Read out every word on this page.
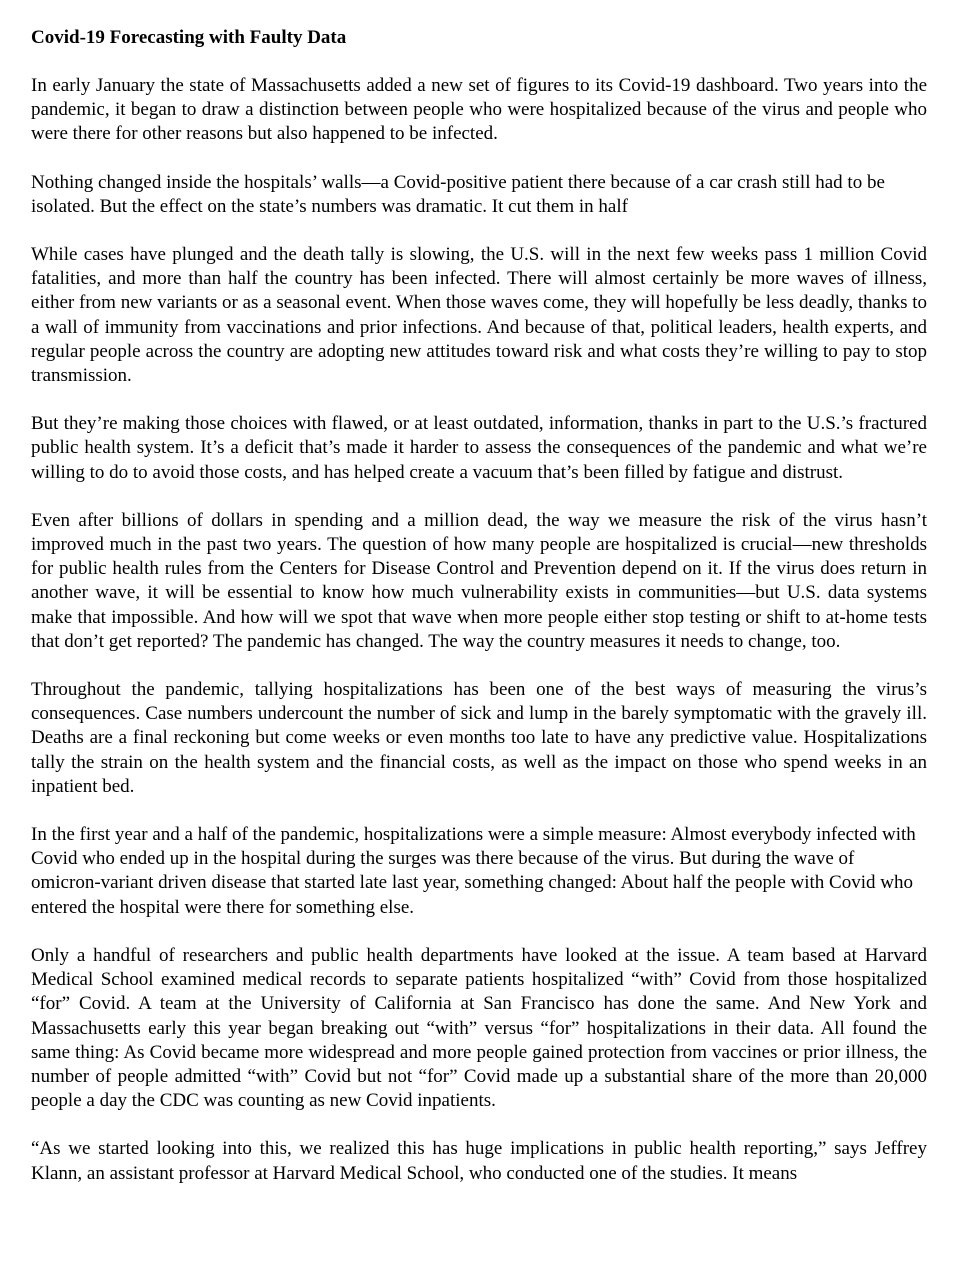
Covid-19 Forecasting with Faulty Data

In early January the state of Massachusetts added a new set of figures to its Covid-19 dashboard. Two years into the pandemic, it began to draw a distinction between people who were hospitalized because of the virus and people who were there for other reasons but also happened to be infected.

Nothing changed inside the hospitals’ walls—a Covid-positive patient there because of a car crash still had to be isolated. But the effect on the state’s numbers was dramatic. It cut them in half

While cases have plunged and the death tally is slowing, the U.S. will in the next few weeks pass 1 million Covid fatalities, and more than half the country has been infected. There will almost certainly be more waves of illness, either from new variants or as a seasonal event. When those waves come, they will hopefully be less deadly, thanks to a wall of immunity from vaccinations and prior infections. And because of that, political leaders, health experts, and regular people across the country are adopting new attitudes toward risk and what costs they’re willing to pay to stop transmission.

But they’re making those choices with flawed, or at least outdated, information, thanks in part to the U.S.’s fractured public health system. It’s a deficit that’s made it harder to assess the consequences of the pandemic and what we’re willing to do to avoid those costs, and has helped create a vacuum that’s been filled by fatigue and distrust.

Even after billions of dollars in spending and a million dead, the way we measure the risk of the virus hasn’t improved much in the past two years. The question of how many people are hospitalized is crucial—new thresholds for public health rules from the Centers for Disease Control and Prevention depend on it. If the virus does return in another wave, it will be essential to know how much vulnerability exists in communities—but U.S. data systems make that impossible. And how will we spot that wave when more people either stop testing or shift to at-home tests that don’t get reported? The pandemic has changed. The way the country measures it needs to change, too.

Throughout the pandemic, tallying hospitalizations has been one of the best ways of measuring the virus’s consequences. Case numbers undercount the number of sick and lump in the barely symptomatic with the gravely ill. Deaths are a final reckoning but come weeks or even months too late to have any predictive value. Hospitalizations tally the strain on the health system and the financial costs, as well as the impact on those who spend weeks in an inpatient bed.

In the first year and a half of the pandemic, hospitalizations were a simple measure: Almost everybody infected with Covid who ended up in the hospital during the surges was there because of the virus. But during the wave of omicron-variant driven disease that started late last year, something changed: About half the people with Covid who entered the hospital were there for something else.

Only a handful of researchers and public health departments have looked at the issue. A team based at Harvard Medical School examined medical records to separate patients hospitalized “with” Covid from those hospitalized “for” Covid. A team at the University of California at San Francisco has done the same. And New York and Massachusetts early this year began breaking out “with” versus “for” hospitalizations in their data. All found the same thing: As Covid became more widespread and more people gained protection from vaccines or prior illness, the number of people admitted “with” Covid but not “for” Covid made up a substantial share of the more than 20,000 people a day the CDC was counting as new Covid inpatients.

“As we started looking into this, we realized this has huge implications in public health reporting,” says Jeffrey Klann, an assistant professor at Harvard Medical School, who conducted one of the studies. It means
